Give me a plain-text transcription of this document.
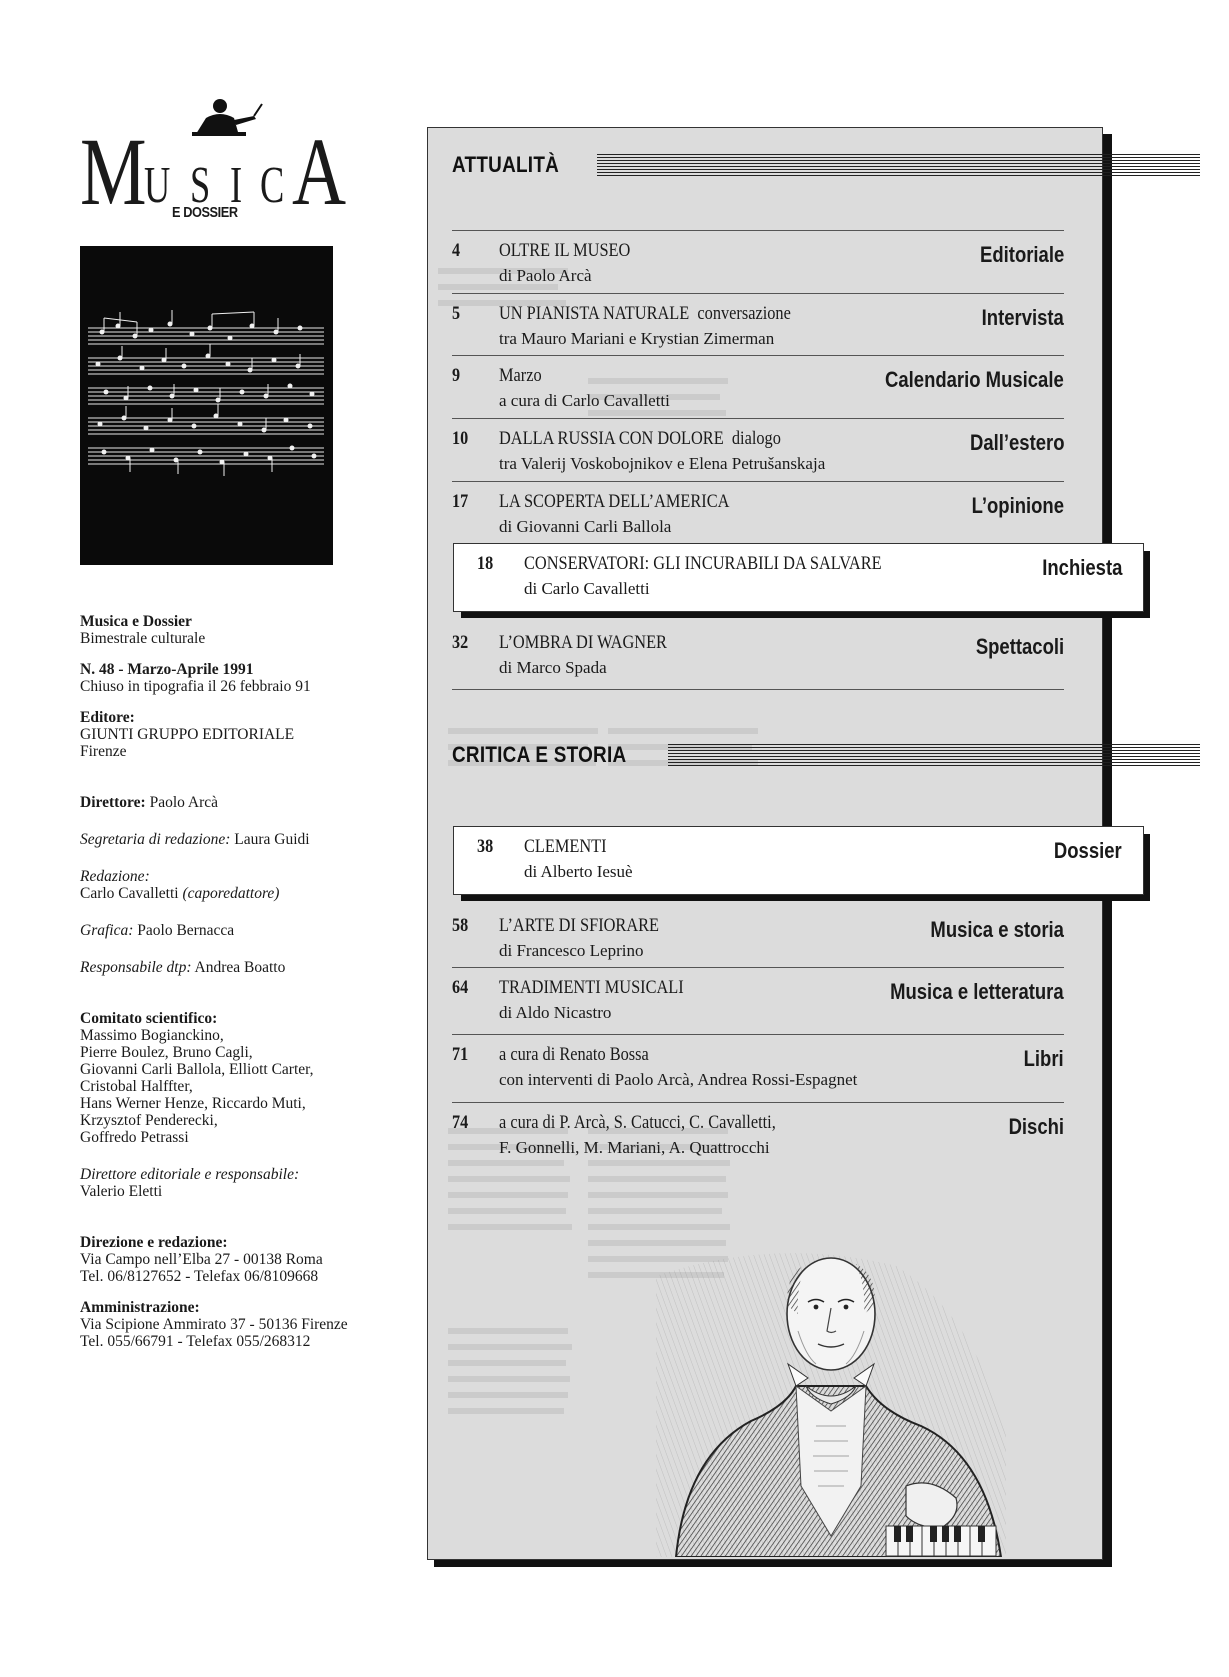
M
U S I C A
E DOSSIER
Musica e Dossier
Bimestrale culturale
N. 48 - Marzo-Aprile 1991
Chiuso in tipografia il 26 febbraio 91
Editore:
GIUNTI GRUPPO EDITORIALE
Firenze
Direttore: Paolo Arcà
Segretaria di redazione: Laura Guidi
Redazione:
Carlo Cavalletti (caporedattore)
Grafica: Paolo Bernacca
Responsabile dtp: Andrea Boatto
Comitato scientifico:
Massimo Bogianckino,
Pierre Boulez, Bruno Cagli,
Giovanni Carli Ballola, Elliott Carter,
Cristobal Halffter,
Hans Werner Henze, Riccardo Muti,
Krzysztof Penderecki,
Goffredo Petrassi
Direttore editoriale e responsabile:
Valerio Eletti
Direzione e redazione:
Via Campo nell’Elba 27 - 00138 Roma
Tel. 06/8127652 - Telefax 06/8109668
Amministrazione:
Via Scipione Ammirato 37 - 50136 Firenze
Tel. 055/66791 - Telefax 055/268312
ATTUALITÀ
4 OLTRE IL MUSEO
di Paolo Arcà
Editoriale
5 UN PIANISTA NATURALE conversazione
tra Mauro Mariani e Krystian Zimerman
Intervista
9 Marzo
a cura di Carlo Cavalletti
Calendario Musicale
10 DALLA RUSSIA CON DOLORE dialogo
tra Valerij Voskobojnikov e Elena Petrušanskaja
Dall’estero
17 LA SCOPERTA DELL’AMERICA
di Giovanni Carli Ballola
L’opinione
18 CONSERVATORI: GLI INCURABILI DA SALVARE
di Carlo Cavalletti
Inchiesta
32 L’OMBRA DI WAGNER
di Marco Spada
Spettacoli
CRITICA E STORIA
38 CLEMENTI
di Alberto Iesuè
Dossier
58 L’ARTE DI SFIORARE
di Francesco Leprino
Musica e storia
64 TRADIMENTI MUSICALI
di Aldo Nicastro
Musica e letteratura
71 a cura di Renato Bossa
con interventi di Paolo Arcà, Andrea Rossi-Espagnet
Libri
74 a cura di P. Arcà, S. Catucci, C. Cavalletti,
F. Gonnelli, M. Mariani, A. Quattrocchi
Dischi
